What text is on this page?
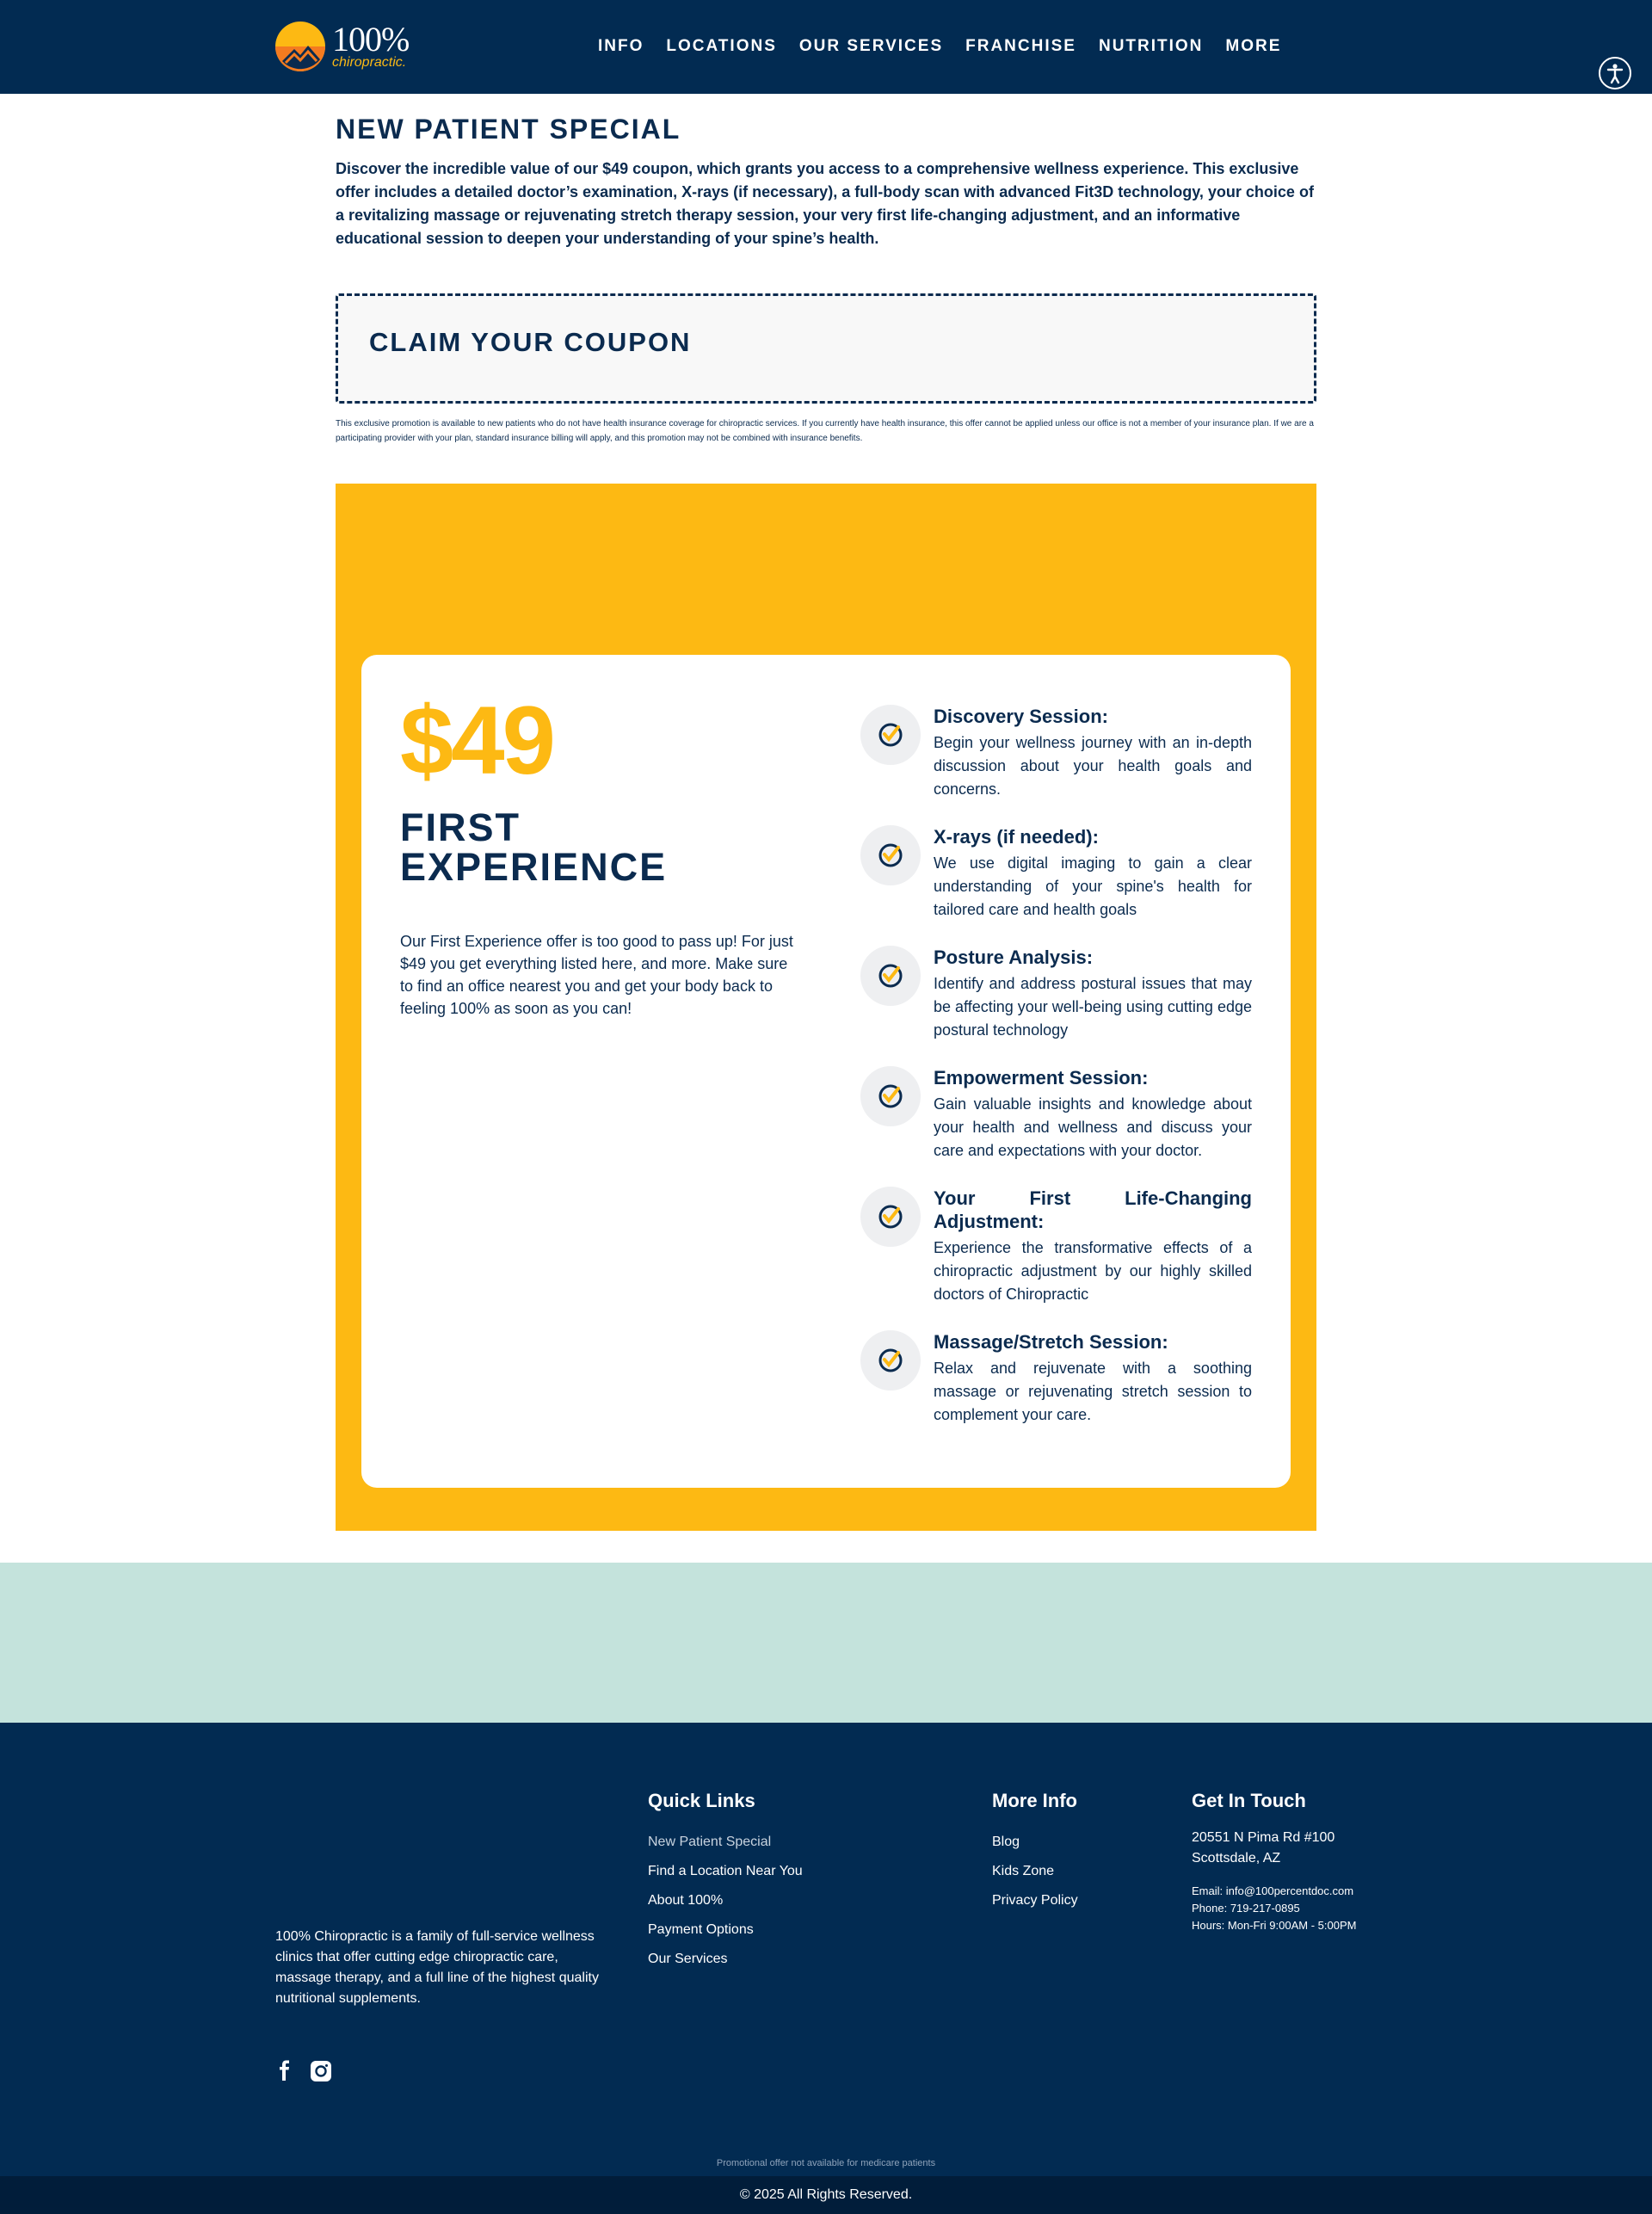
100%
chiropractic.
INFO	LOCATIONS	OUR SERVICES	FRANCHISE	NUTRITION	MORE
NEW PATIENT SPECIAL

Discover the incredible value of our $49 coupon, which grants you access to a comprehensive wellness experience. This exclusive offer includes a detailed doctor’s examination, X-rays (if necessary), a full-body scan with advanced Fit3D technology, your choice of a revitalizing massage or rejuvenating stretch therapy session, your very first life-changing adjustment, and an informative educational session to deepen your understanding of your spine’s health.

CLAIM YOUR COUPON

This exclusive promotion is available to new patients who do not have health insurance coverage for chiropractic services. If you currently have health insurance, this offer cannot be applied unless our office is not a member of your insurance plan. If we are a participating provider with your plan, standard insurance billing will apply, and this promotion may not be combined with insurance benefits.

$49
FIRST EXPERIENCE

Our First Experience offer is too good to pass up! For just $49 you get everything listed here, and more. Make sure to find an office nearest you and get your body back to feeling 100% as soon as you can!

Discovery Session:

Begin your wellness journey with an in-depth discussion about your health goals and concerns.

X-rays (if needed):

We use digital imaging to gain a clear understanding of your spine's health for tailored care and health goals

Posture Analysis:

Identify and address postural issues that may be affecting your well-being using cutting edge postural technology

Empowerment Session:

Gain valuable insights and knowledge about your health and wellness and discuss your care and expectations with your doctor.

Your First Life-Changing Adjustment:

Experience the transformative effects of a chiropractic adjustment by our highly skilled doctors of Chiropractic

Massage/Stretch Session:

Relax and rejuvenate with a soothing massage or rejuvenating stretch session to complement your care.

100% Chiropractic is a family of full-service wellness clinics that offer cutting edge chiropractic care, massage therapy, and a full line of the highest quality nutritional supplements.

Quick Links
New Patient Special
Find a Location Near You
About 100%
Payment Options
Our Services
More Info
Blog
Kids Zone
Privacy Policy
Get In Touch
20551 N Pima Rd #100
Scottsdale, AZ
Email: info@100percentdoc.com
Phone: 719-217-0895
Hours: Mon-Fri 9:00AM - 5:00PM
Promotional offer not available for medicare patients
© 2025 All Rights Reserved.
